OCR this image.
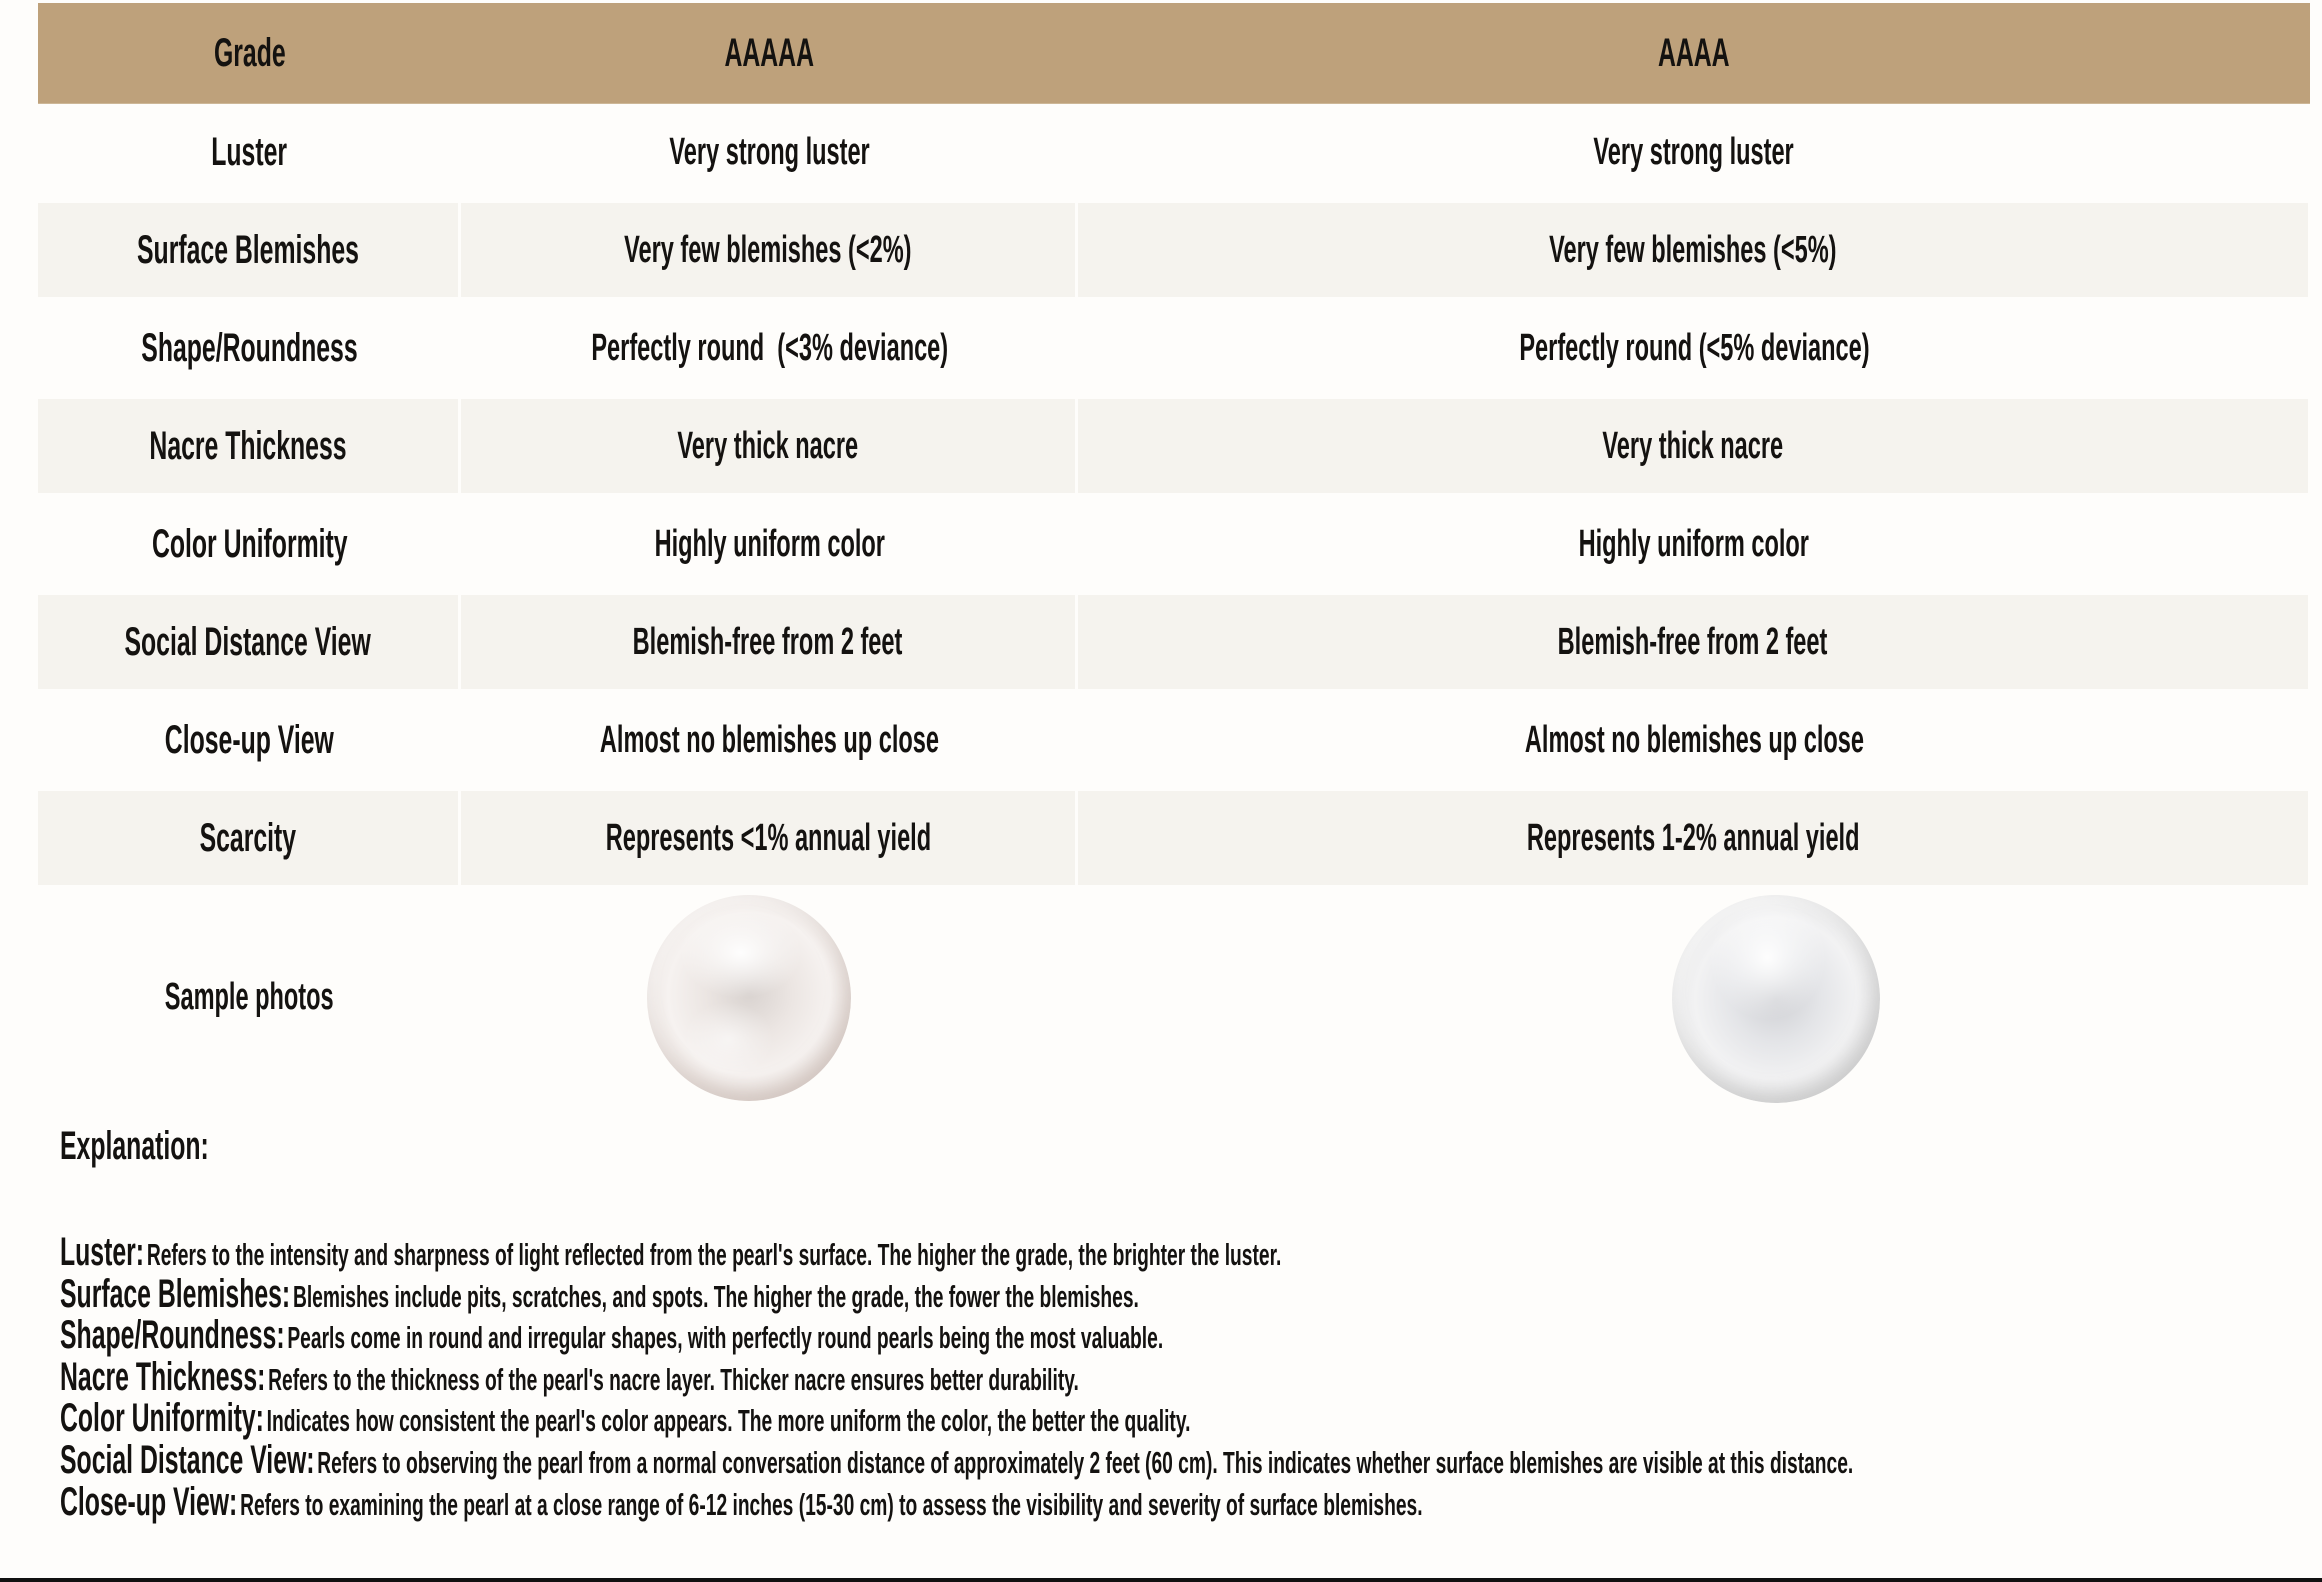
Grade	AAAAA	AAAA
Luster	Very strong luster	Very strong luster
Surface Blemishes	Very few blemishes (<2%)	Very few blemishes (<5%)
Shape/Roundness	Perfectly round  (<3% deviance)	Perfectly round (<5% deviance)
Nacre Thickness	Very thick nacre	Very thick nacre
Color Uniformity	Highly uniform color	Highly uniform color
Social Distance View	Blemish-free from 2 feet	Blemish-free from 2 feet
Close-up View	Almost no blemishes up close	Almost no blemishes up close
Scarcity	Represents <1% annual yield	Represents 1-2% annual yield
Sample photos
Explanation:
Luster: Refers to the intensity and sharpness of light reflected from the pearl's surface. The higher the grade, the brighter the luster.
Surface Blemishes: Blemishes include pits, scratches, and spots. The higher the grade, the fower the blemishes.
Shape/Roundness: Pearls come in round and irregular shapes, with perfectly round pearls being the most valuable.
Nacre Thickness: Refers to the thickness of the pearl's nacre layer. Thicker nacre ensures better durability.
Color Uniformity: Indicates how consistent the pearl's color appears. The more uniform the color, the better the quality.
Social Distance View: Refers to observing the pearl from a normal conversation distance of approximately 2 feet (60 cm). This indicates whether surface blemishes are visible at this distance.
Close-up View: Refers to examining the pearl at a close range of 6-12 inches (15-30 cm) to assess the visibility and severity of surface blemishes.
